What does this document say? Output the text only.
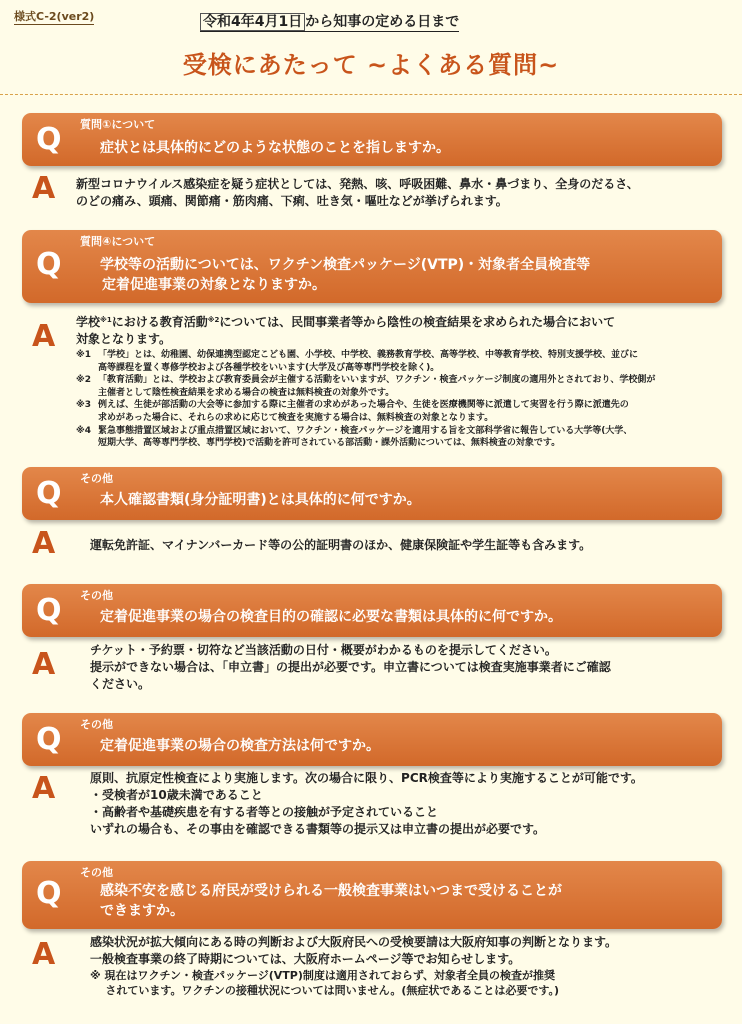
様式C-2(ver2)	令和4年4月1日 から知事の定める日まで
受検にあたって ~よくある質問~
Q 質問①について
症状とは具体的にどのような状態のことを指しますか。
A 新型コロナウイルス感染症を疑う症状としては、発熱、咳、呼吸困難、鼻水・鼻づまり、全身のだるさ、
のどの痛み、頭痛、関節痛・筋肉痛、下痢、吐き気・嘔吐などが挙げられます。
Q
質問④について
学校等の活動については、ワクチン検査パッケージ(VTP)・対象者全員検査等
定着促進事業の対象となりますか。
A 学校$^{※1}$における教育活動$^{※2}$については、民間事業者等から陰性の検査結果を求められた場合において
対象となります。
※1 「学校」とは、幼稚園、幼保連携型認定こども園、小学校、中学校、義務教育学校、高等学校、中等教育学校、特別支援学校、並びに
高等課程を置く専修学校および各種学校をいいます(大学及び高等専門学校を除く)。
※2 「教育活動」とは、学校および教育委員会が主催する活動をいいますが、ワクチン・検査パッケージ制度の適用外とされており、学校側が
主催者として陰性検査結果を求める場合の検査は無料検査の対象外です。
※3 例えば、生徒が部活動の大会等に参加する際に主催者の求めがあった場合や、生徒を医療機関等に派遣して実習を行う際に派遣先の
求めがあった場合に、それらの求めに応じて検査を実施する場合は、無料検査の対象となります。
※4 緊急事態措置区域および重点措置区域において、ワクチン・検査パッケージを適用する旨を文部科学省に報告している大学等(大学、
短期大学、高等専門学校、専門学校)で活動を許可されている部活動・課外活動については、無料検査の対象です。
Q その他
本人確認書類(身分証明書)とは具体的に何ですか。
A	運転免許証、マイナンバーカード等の公的証明書のほか、健康保険証や学生証等も含みます。
Q その他
定着促進事業の場合の検査目的の確認に必要な書類は具体的に何ですか。
A	チケット・予約票・切符など当該活動の日付・概要がわかるものを提示してください。
提示ができない場合は、「申立書」の提出が必要です。申立書については検査実施事業者にご確認
ください。
Q その他
定着促進事業の場合の検査方法は何ですか。
A	原則、抗原定性検査により実施します。次の場合に限り、PCR検査等により実施することが可能です。
・受検者が10歳未満であること
・高齢者や基礎疾患を有する者等との接触が予定されていること
いずれの場合も、その事由を確認できる書類等の提示又は申立書の提出が必要です。
Q
その他
感染不安を感じる府民が受けられる一般検査事業はいつまで受けることが
できますか。
A	感染状況が拡大傾向にある時の判断および大阪府民への受検要請は大阪府知事の判断となります。
一般検査事業の終了時期については、大阪府ホームページ等でお知らせします。
※ 現在はワクチン・検査パッケージ(VTP)制度は適用されておらず、対象者全員の検査が推奨
されています。ワクチンの接種状況については問いません。(無症状であることは必要です。)
